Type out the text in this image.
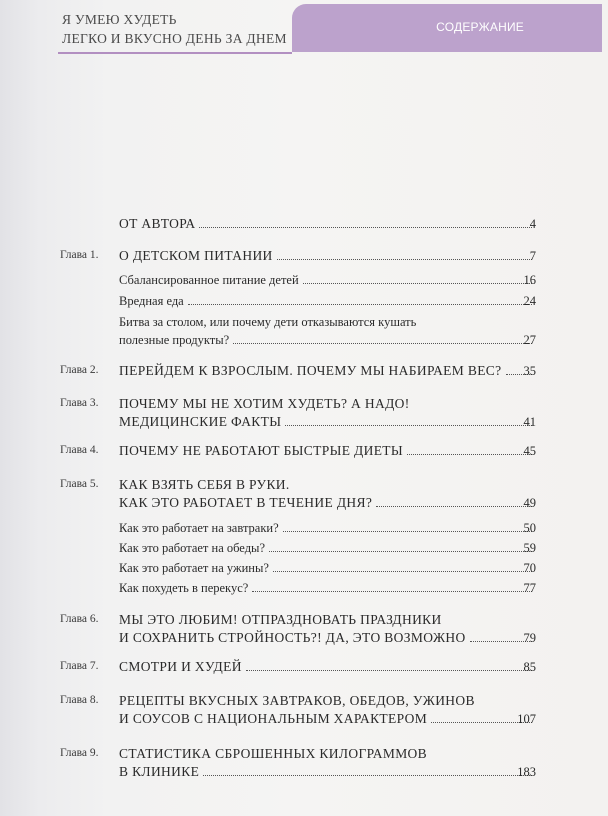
Я УМЕЮ ХУДЕТЬ
ЛЕГКО И ВКУСНО ДЕНЬ ЗА ДНЕМ
СОДЕРЖАНИЕ
ОТ АВТОРА	4
Глава 1. О ДЕТСКОМ ПИТАНИИ	7
Сбалансированное питание детей	16
Вредная еда	24
Битва за столом, или почему дети отказываются кушать
полезные продукты?	27
Глава 2. ПЕРЕЙДЕМ К ВЗРОСЛЫМ. ПОЧЕМУ МЫ НАБИРАЕМ ВЕС? 35
Глава 3. ПОЧЕМУ МЫ НЕ ХОТИМ ХУДЕТЬ? А НАДО!
МЕДИЦИНСКИЕ ФАКТЫ	41
Глава 4. ПОЧЕМУ НЕ РАБОТАЮТ БЫСТРЫЕ ДИЕТЫ	45
Глава 5. КАК ВЗЯТЬ СЕБЯ В РУКИ.
КАК ЭТО РАБОТАЕТ В ТЕЧЕНИЕ ДНЯ?	49
Как это работает на завтраки?	50
Как это работает на обеды?	59
Как это работает на ужины?	70
Как похудеть в перекус?	77
Глава 6. МЫ ЭТО ЛЮБИМ! ОТПРАЗДНОВАТЬ ПРАЗДНИКИ
И СОХРАНИТЬ СТРОЙНОСТЬ?! ДА, ЭТО ВОЗМОЖНО	79
Глава 7. СМОТРИ И ХУДЕЙ	85
Глава 8. РЕЦЕПТЫ ВКУСНЫХ ЗАВТРАКОВ, ОБЕДОВ, УЖИНОВ
И СОУСОВ С НАЦИОНАЛЬНЫМ ХАРАКТЕРОМ	107
Глава 9. СТАТИСТИКА СБРОШЕННЫХ КИЛОГРАММОВ
В КЛИНИКЕ	183
